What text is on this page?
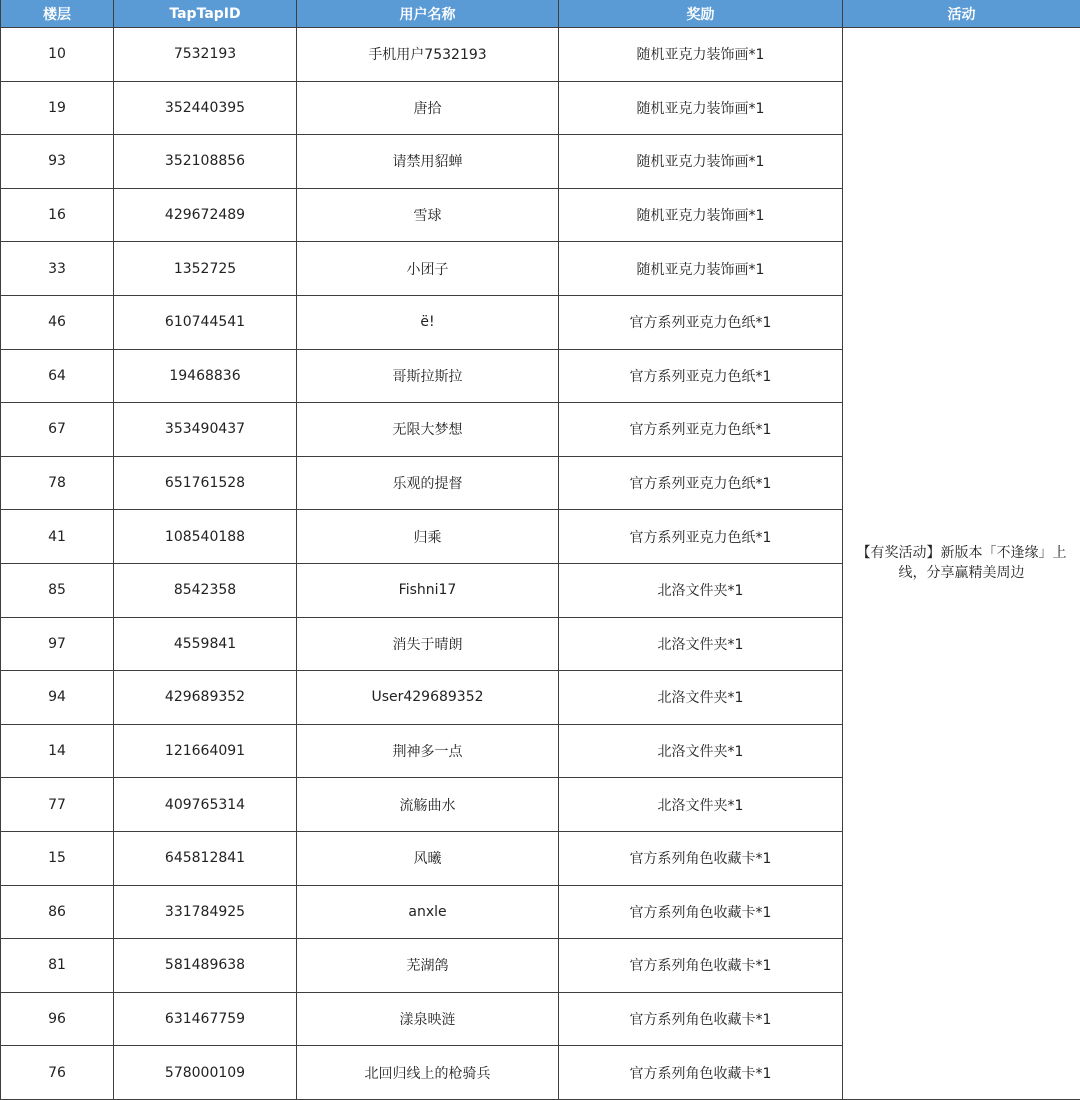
楼层	TapTapID	用户名称	奖励	活动
10	7532193	手机用户7532193	随机亚克力装饰画*1	【有奖活动】新版本「不逢缘」上线，分享赢精美周边
19	352440395	唐拾	随机亚克力装饰画*1	
93	352108856	请禁用貂蝉	随机亚克力装饰画*1	
16	429672489	雪球	随机亚克力装饰画*1	
33	1352725	小团子	随机亚克力装饰画*1	
46	610744541	ë!	官方系列亚克力色纸*1	
64	19468836	哥斯拉斯拉	官方系列亚克力色纸*1	
67	353490437	无限大梦想	官方系列亚克力色纸*1	
78	651761528	乐观的提督	官方系列亚克力色纸*1	
41	108540188	归乘	官方系列亚克力色纸*1	
85	8542358	Fishni17	北洛文件夹*1	
97	4559841	消失于晴朗	北洛文件夹*1	
94	429689352	User429689352	北洛文件夹*1	
14	121664091	荆神多一点	北洛文件夹*1	
77	409765314	流觞曲水	北洛文件夹*1	
15	645812841	风曦	官方系列角色收藏卡*1	
86	331784925	anxle	官方系列角色收藏卡*1	
81	581489638	芜湖鸽	官方系列角色收藏卡*1	
96	631467759	漾泉映涟	官方系列角色收藏卡*1	
76	578000109	北回归线上的枪骑兵	官方系列角色收藏卡*1	
